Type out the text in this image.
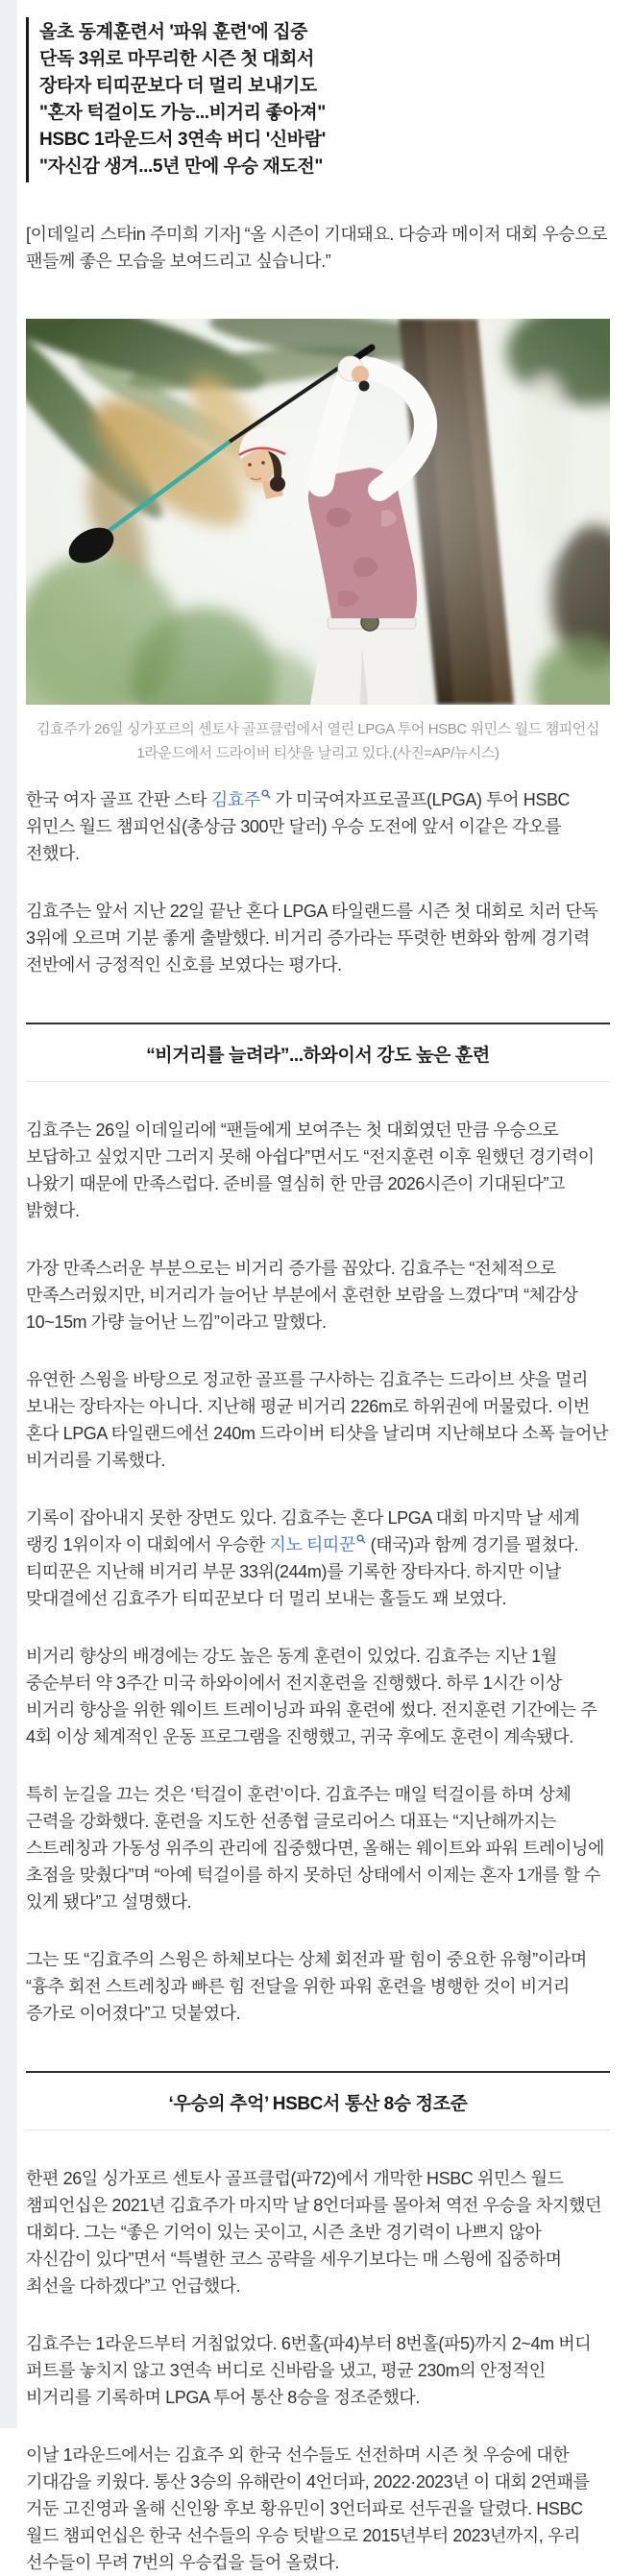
올초 동계훈련서 '파워 훈련'에 집중

단독 3위로 마무리한 시즌 첫 대회서

장타자 티띠꾼보다 더 멀리 보내기도

"혼자 턱걸이도 가능...비거리 좋아져"

HSBC 1라운드서 3연속 버디 '신바람'

"자신감 생겨...5년 만에 우승 재도전"

[이데일리 스타in 주미희 기자] “올 시즌이 기대돼요. 다승과 메이저 대회 우승으로 팬들께 좋은 모습을 보여드리고 싶습니다.”

김효주가 26일 싱가포르의 센토사 골프클럽에서 열린 LPGA 투어 HSBC 위민스 월드 챔피언십 1라운드에서 드라이버 티샷을 날리고 있다.(사진=AP/뉴시스)

한국 여자 골프 간판 스타 김효주 가 미국여자프로골프(LPGA) 투어 HSBC 위민스 월드 챔피언십(총상금 300만 달러) 우승 도전에 앞서 이같은 각오를 전했다.

김효주는 앞서 지난 22일 끝난 혼다 LPGA 타일랜드를 시즌 첫 대회로 치러 단독 3위에 오르며 기분 좋게 출발했다. 비거리 증가라는 뚜렷한 변화와 함께 경기력 전반에서 긍정적인 신호를 보였다는 평가다.

“비거리를 늘려라”...하와이서 강도 높은 훈련

김효주는 26일 이데일리에 “팬들에게 보여주는 첫 대회였던 만큼 우승으로 보답하고 싶었지만 그러지 못해 아쉽다”면서도 “전지훈련 이후 원했던 경기력이 나왔기 때문에 만족스럽다. 준비를 열심히 한 만큼 2026시즌이 기대된다”고 밝혔다.

가장 만족스러운 부분으로는 비거리 증가를 꼽았다. 김효주는 “전체적으로 만족스러웠지만, 비거리가 늘어난 부분에서 훈련한 보람을 느꼈다”며 “체감상 10~15m 가량 늘어난 느낌”이라고 말했다.

유연한 스윙을 바탕으로 정교한 골프를 구사하는 김효주는 드라이브 샷을 멀리 보내는 장타자는 아니다. 지난해 평균 비거리 226m로 하위권에 머물렀다. 이번 혼다 LPGA 타일랜드에선 240m 드라이버 티샷을 날리며 지난해보다 소폭 늘어난 비거리를 기록했다.

기록이 잡아내지 못한 장면도 있다. 김효주는 혼다 LPGA 대회 마지막 날 세계 랭킹 1위이자 이 대회에서 우승한 지노 티띠꾼 (태국)과 함께 경기를 펼쳤다. 티띠꾼은 지난해 비거리 부문 33위(244m)를 기록한 장타자다. 하지만 이날 맞대결에선 김효주가 티띠꾼보다 더 멀리 보내는 홀들도 꽤 보였다.

비거리 향상의 배경에는 강도 높은 동계 훈련이 있었다. 김효주는 지난 1월 중순부터 약 3주간 미국 하와이에서 전지훈련을 진행했다. 하루 1시간 이상 비거리 향상을 위한 웨이트 트레이닝과 파워 훈련에 썼다. 전지훈련 기간에는 주 4회 이상 체계적인 운동 프로그램을 진행했고, 귀국 후에도 훈련이 계속됐다.

특히 눈길을 끄는 것은 ‘턱걸이 훈련’이다. 김효주는 매일 턱걸이를 하며 상체 근력을 강화했다. 훈련을 지도한 선종협 글로리어스 대표는 “지난해까지는 스트레칭과 가동성 위주의 관리에 집중했다면, 올해는 웨이트와 파워 트레이닝에 초점을 맞췄다”며 “아예 턱걸이를 하지 못하던 상태에서 이제는 혼자 1개를 할 수 있게 됐다”고 설명했다.

그는 또 “김효주의 스윙은 하체보다는 상체 회전과 팔 힘이 중요한 유형”이라며 “흉추 회전 스트레칭과 빠른 힘 전달을 위한 파워 훈련을 병행한 것이 비거리 증가로 이어졌다”고 덧붙였다.

‘우승의 추억’ HSBC서 통산 8승 정조준

한편 26일 싱가포르 센토사 골프클럽(파72)에서 개막한 HSBC 위민스 월드 챔피언십은 2021년 김효주가 마지막 날 8언더파를 몰아쳐 역전 우승을 차지했던 대회다. 그는 “좋은 기억이 있는 곳이고, 시즌 초반 경기력이 나쁘지 않아 자신감이 있다”면서 “특별한 코스 공략을 세우기보다는 매 스윙에 집중하며 최선을 다하겠다”고 언급했다.

김효주는 1라운드부터 거침없었다. 6번홀(파4)부터 8번홀(파5)까지 2~4m 버디 퍼트를 놓치지 않고 3연속 버디로 신바람을 냈고, 평균 230m의 안정적인 비거리를 기록하며 LPGA 투어 통산 8승을 정조준했다.

이날 1라운드에서는 김효주 외 한국 선수들도 선전하며 시즌 첫 우승에 대한 기대감을 키웠다. 통산 3승의 유해란이 4언더파, 2022·2023년 이 대회 2연패를 거둔 고진영과 올해 신인왕 후보 황유민이 3언더파로 선두권을 달렸다. HSBC 월드 챔피언십은 한국 선수들의 우승 텃밭으로 2015년부터 2023년까지, 우리 선수들이 무려 7번의 우승컵을 들어 올렸다.
